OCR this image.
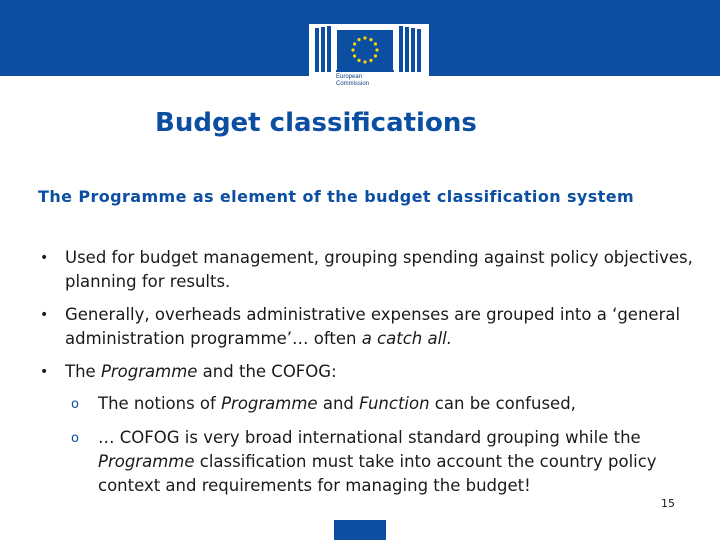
European
Commission
Budget classifications

The Programme as element of the budget classification system

• Used for budget management, grouping spending against policy objectives, planning for results.
• Generally, overheads administrative expenses are grouped into a ‘general administration programme’… often a catch all.
• The Programme and the COFOG:
o The notions of Programme and Function can be confused,
o … COFOG is very broad international standard grouping while the Programme classification must take into account the country policy context and requirements for managing the budget!
15
